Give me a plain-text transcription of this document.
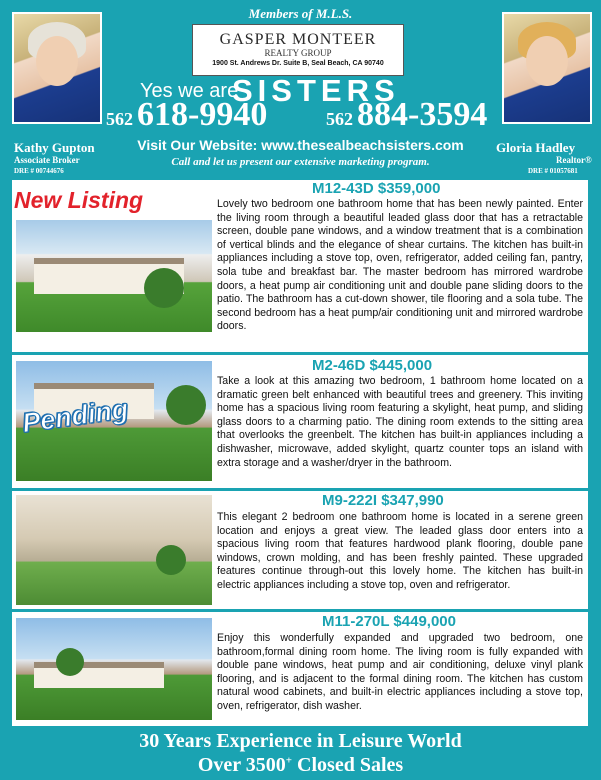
Members of M.L.S.
Kathy Gupton
Associate Broker
DRE # 00744676
Gloria Hadley
Realtor®
DRE # 01057681
GASPER MONTEER
REALTY GROUP
1900 St. Andrews Dr. Suite B, Seal Beach, CA 90740
Yes we are
SISTERS
562 618-9940	562 884-3594
Visit Our Website: www.thesealbeachsisters.com
Call and let us present our extensive marketing program.
M12-43D $359,000
Lovely two bedroom one bathroom home that has been newly painted. Enter the living room through a beautiful leaded glass door that has a retractable screen, double pane windows, and a window treatment that is a combination of vertical blinds and the elegance of shear curtains. The kitchen has built-in appliances including a stove top, oven, refrigerator, added ceiling fan, pantry, sola tube and breakfast bar. The master bedroom has mirrored wardrobe doors, a heat pump air conditioning unit and double pane sliding doors to the patio. The bathroom has a cut-down shower, tile flooring and a sola tube. The second bedroom has a heat pump/air conditioning unit and mirrored wardrobe doors.
New Listing
Pending
M2-46D $445,000
Take a look at this amazing two bedroom, 1 bathroom home located on a dramatic green belt enhanced with beautiful trees and greenery. This inviting home has a spacious living room featuring a skylight, heat pump, and sliding glass doors to a charming patio. The dining room extends to the sitting area that overlooks the greenbelt. The kitchen has built-in appliances including a dishwasher, microwave, added skylight, quartz counter tops an island with extra storage and a washer/dryer in the bathroom.
M9-222I $347,990
This elegant 2 bedroom one bathroom home is located in a serene green location and enjoys a great view. The leaded glass door enters into a spacious living room that features hardwood plank flooring, double pane windows, crown molding, and has been freshly painted. These upgraded features continue through-out this lovely home. The kitchen has built-in electric appliances including a stove top, oven and refrigerator.
M11-270L $449,000
Enjoy this wonderfully expanded and upgraded two bedroom, one bathroom,formal dining room home. The living room is fully expanded with double pane windows, heat pump and air conditioning, deluxe vinyl plank flooring, and is adjacent to the formal dining room. The kitchen has custom natural wood cabinets, and built-in electric appliances including a stove top, oven, refrigerator, dish washer.
30 Years Experience in Leisure World
Over 3500+ Closed Sales
